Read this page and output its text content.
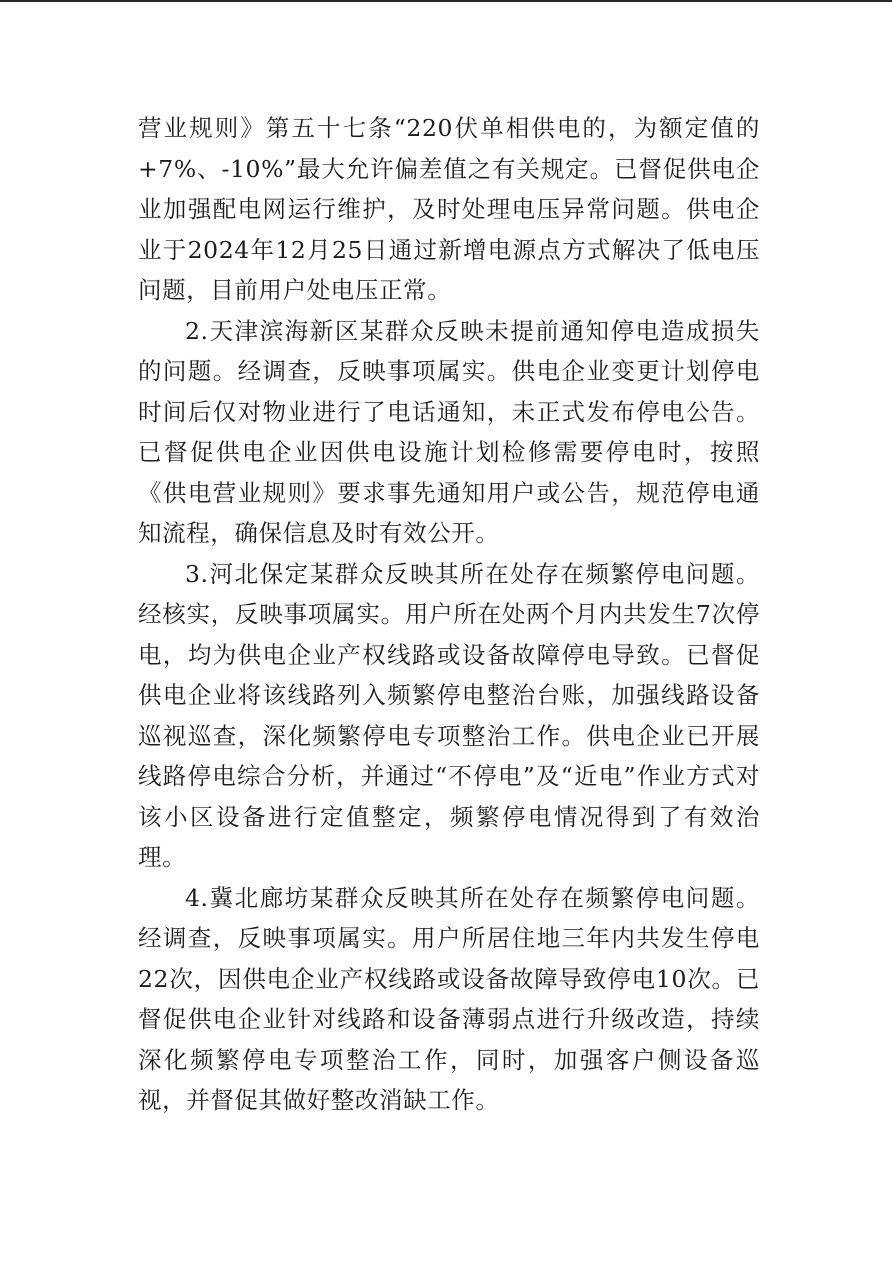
营业规则》第五十七条“220伏单相供电的，为额定值的+7%、-10%”最大允许偏差值之有关规定。已督促供电企业加强配电网运行维护，及时处理电压异常问题。供电企业于2024年12月25日通过新增电源点方式解决了低电压问题，目前用户处电压正常。

2.天津滨海新区某群众反映未提前通知停电造成损失的问题。经调查，反映事项属实。供电企业变更计划停电时间后仅对物业进行了电话通知，未正式发布停电公告。已督促供电企业因供电设施计划检修需要停电时，按照《供电营业规则》要求事先通知用户或公告，规范停电通知流程，确保信息及时有效公开。

3.河北保定某群众反映其所在处存在频繁停电问题。经核实，反映事项属实。用户所在处两个月内共发生7次停电，均为供电企业产权线路或设备故障停电导致。已督促供电企业将该线路列入频繁停电整治台账，加强线路设备巡视巡查，深化频繁停电专项整治工作。供电企业已开展线路停电综合分析，并通过“不停电”及“近电”作业方式对该小区设备进行定值整定，频繁停电情况得到了有效治理。

4.冀北廊坊某群众反映其所在处存在频繁停电问题。经调查，反映事项属实。用户所居住地三年内共发生停电22次，因供电企业产权线路或设备故障导致停电10次。已督促供电企业针对线路和设备薄弱点进行升级改造，持续深化频繁停电专项整治工作，同时，加强客户侧设备巡视，并督促其做好整改消缺工作。
